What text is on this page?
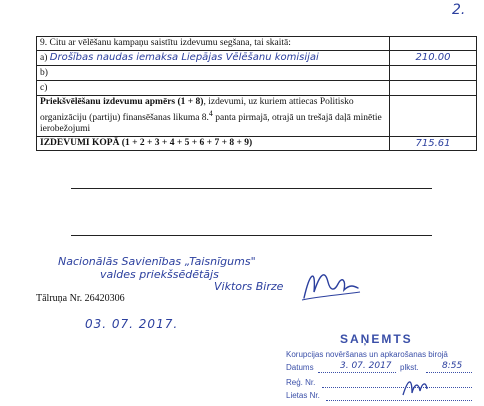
2.
9. Citu ar vēlēšanu kampaņu saistītu izdevumu segšana, tai skaitā:	
a) Drošības naudas iemaksa Liepājas Vēlēšanu komisijai	210.00
b)	
c)	
Priekšvēlēšanu izdevumu apmērs (1 + 8), izdevumi, uz kuriem attiecas Politisko organizāciju (partiju) finansēšanas likuma 8.$^4$ panta pirmajā, otrajā un trešajā daļā minētie ierobežojumi	
IZDEVUMI KOPĀ (1 + 2 + 3 + 4 + 5 + 6 + 7 + 8 + 9)	715.61
Nacionālās Savienības „Taisnīgums"
valdes priekšsēdētājs
Viktors Birze
Tālruņa Nr. 26420306
03. 07. 2017.
SAŅEMTS
Korupcijas novēršanas un apkarošanas birojā
Datums	3. 07. 2017 plkst.	8:55
Reģ. Nr.
Lietas Nr.
